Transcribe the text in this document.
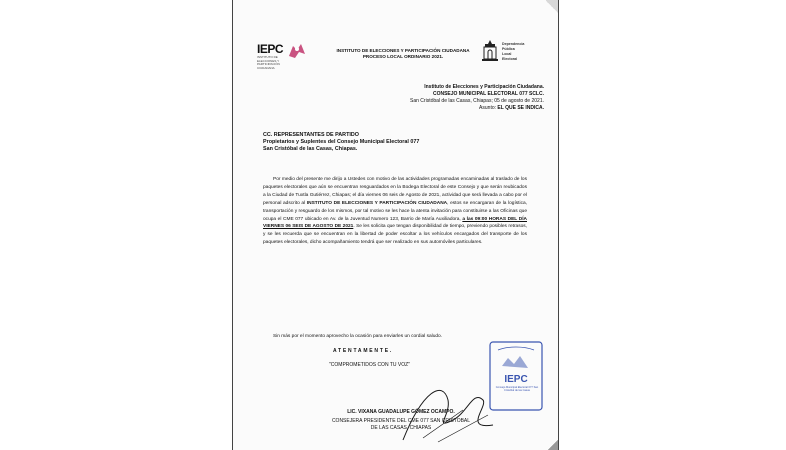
IEPC
INSTITUTO DE ELECCIONES Y PARTICIPACIÓN CIUDADANA
INSTITUTO DE ELECCIONES Y PARTICIPACIÓN CIUDADANA
PROCESO LOCAL ORDINARIO 2021.
Dependencia
Pública
Local
Electoral
Instituto de Elecciones y Participación Ciudadana.
CONSEJO MUNICIPAL ELECTORAL 077 SCLC.
San Cristóbal de las Casas, Chiapas; 05 de agosto de 2021.
Asunto: EL QUE SE INDICA.
CC. REPRESENTANTES DE PARTIDO
Propietarios y Suplentes del Consejo Municipal Electoral 077
San Cristóbal de las Casas, Chiapas.
Por medio del presente me dirijo a Ustedes con motivo de las actividades programadas encaminadas al traslado de los paquetes electorales que aún se encuentran resguardados en la Bodega Electoral de este Consejo y que serán reubicados a la Ciudad de Tuxtla Gutiérrez, Chiapas; el día viernes 06 seis de Agosto de 2021, actividad que será llevada a cabo por el personal adscrito al INSTITUTO DE ELECCIONES Y PARTICIPACIÓN CIUDADANA, estos se encargaran de la logística, transportación y resguardo de los mismos, por tal motivo se les hace la atenta invitación para constituirse a las Oficinas que ocupa el CME 077 ubicado en Av. de la Juventud Numero 123, Barrio de María Auxiliadora, a las 09:00 HORAS DEL DÍA VIERNES 06 SEIS DE AGOSTO DE 2021. Se les solicita que tengan disponibilidad de tiempo, previendo posibles retrasos, y se les recuerda que se encuentran en la libertad de poder escoltar a los vehículos encargados del transporte de los paquetes electorales, dicho acompañamiento tendrá que ser realizado en sus automóviles particulares.
Sin más por el momento aprovecho la ocasión para enviarles un cordial saludo.
ATENTAMENTE.
"COMPROMETIDOS CON TU VOZ"
IEPC
Consejo Municipal Electoral 077 San Cristóbal de las Casas
LIC. VIXANA GUADALUPE GÓMEZ OCAMPO.
CONSEJERA PRESIDENTE DEL CME 077 SAN CRISTOBAL
DE LAS CASAS, CHIAPAS
